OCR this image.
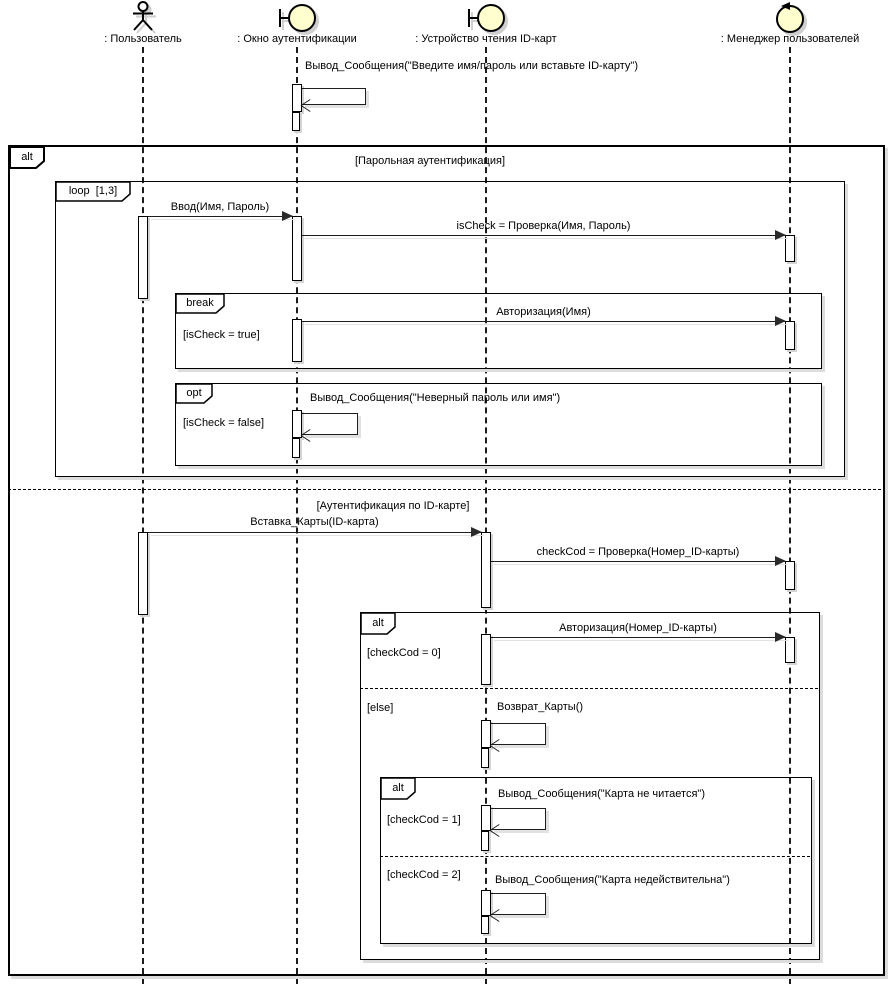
: Пользователь	: Окно аутентификации	: Устройство чтения ID-карт	: Менеджер пользователей
alt	[Парольная аутентификация]
loop  [1,3]
break
[isCheck = true]
opt
[isCheck = false]
[Аутентификация по ID-карте]
alt
[checkCod = 0]
[else]
alt
[checkCod = 1]
[checkCod = 2]
Вывод_Сообщения("Введите имя/пароль или вставьте ID-карту")
Ввод(Имя, Пароль)
isCheck = Проверка(Имя, Пароль)
Авторизация(Имя)
Вывод_Сообщения("Неверный пароль или имя")
Вставка_Карты(ID-карта)
checkCod = Проверка(Номер_ID-карты)
Авторизация(Номер_ID-карты)
Возврат_Карты()
Вывод_Сообщения("Карта не читается")
Вывод_Сообщения("Карта недействительна")
